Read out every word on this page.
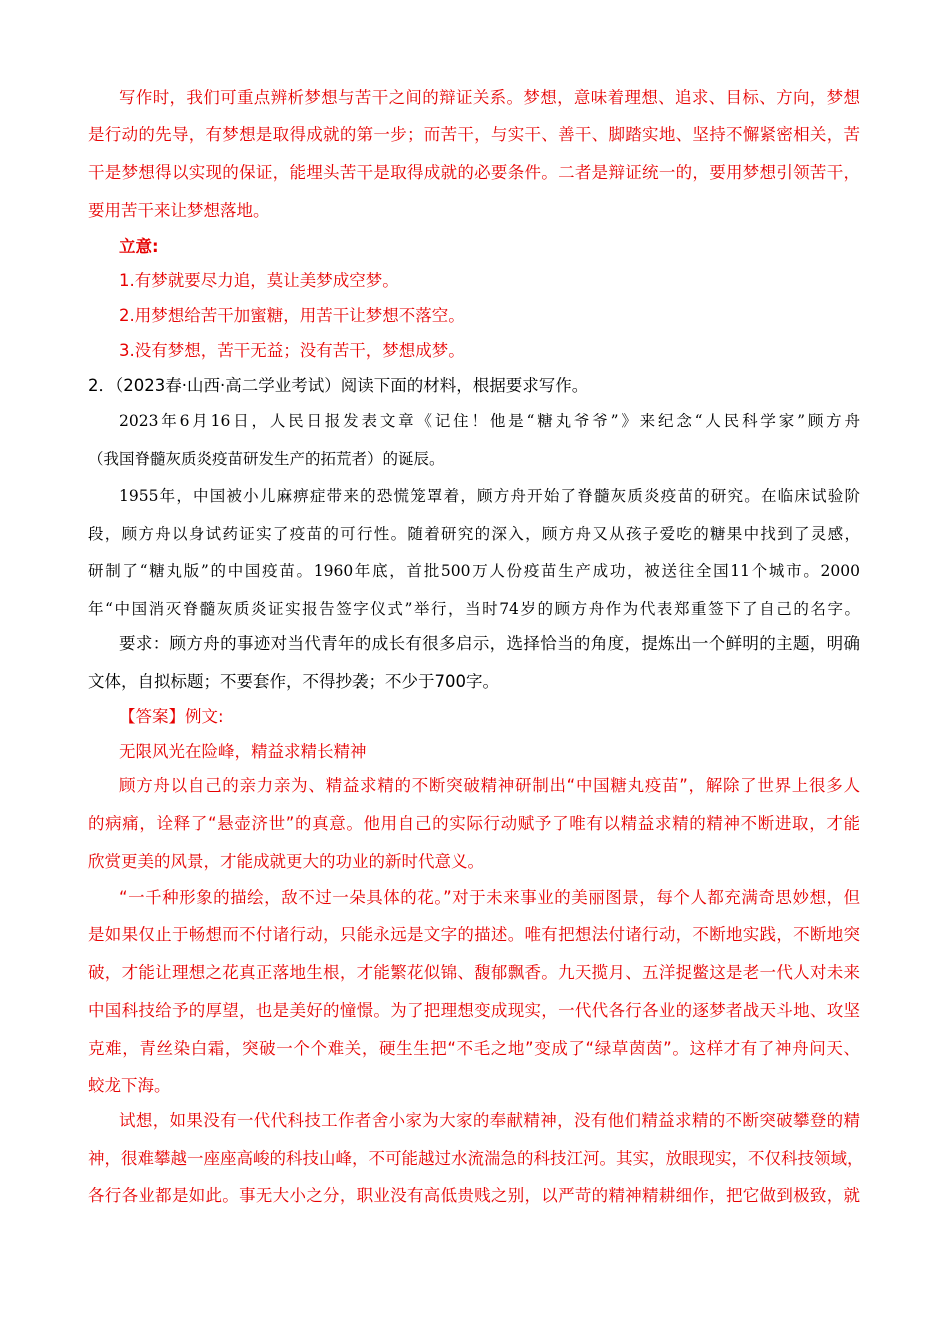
写作时，我们可重点辨析梦想与苦干之间的辩证关系。梦想，意味着理想、追求、目标、方向，梦想
是行动的先导，有梦想是取得成就的第一步；而苦干，与实干、善干、脚踏实地、坚持不懈紧密相关，苦
干是梦想得以实现的保证，能埋头苦干是取得成就的必要条件。二者是辩证统一的，要用梦想引领苦干，
要用苦干来让梦想落地。
立意:
1.有梦就要尽力追，莫让美梦成空梦。
2.用梦想给苦干加蜜糖，用苦干让梦想不落空。
3.没有梦想，苦干无益；没有苦干，梦想成梦。
2．（2023春·山西·高二学业考试）阅读下面的材料，根据要求写作。
2023年6月16日，人民日报发表文章《记住！他是“糖丸爷爷”》来纪念“人民科学家”顾方舟
（我国脊髓灰质炎疫苗研发生产的拓荒者）的诞辰。
1955年，中国被小儿麻痹症带来的恐慌笼罩着，顾方舟开始了脊髓灰质炎疫苗的研究。在临床试验阶
段，顾方舟以身试药证实了疫苗的可行性。随着研究的深入，顾方舟又从孩子爱吃的糖果中找到了灵感，
研制了“糖丸版”的中国疫苗。1960年底，首批500万人份疫苗生产成功，被送往全国11个城市。2000
年“中国消灭脊髓灰质炎证实报告签字仪式”举行，当时74岁的顾方舟作为代表郑重签下了自己的名字。
要求：顾方舟的事迹对当代青年的成长有很多启示，选择恰当的角度，提炼出一个鲜明的主题，明确
文体，自拟标题；不要套作，不得抄袭；不少于700字。
【答案】例文:
无限风光在险峰，精益求精长精神
顾方舟以自己的亲力亲为、精益求精的不断突破精神研制出“中国糖丸疫苗”，解除了世界上很多人
的病痛，诠释了“悬壶济世”的真意。他用自己的实际行动赋予了唯有以精益求精的精神不断进取，才能
欣赏更美的风景，才能成就更大的功业的新时代意义。
“一千种形象的描绘，敌不过一朵具体的花。”对于未来事业的美丽图景，每个人都充满奇思妙想，但
是如果仅止于畅想而不付诸行动，只能永远是文字的描述。唯有把想法付诸行动，不断地实践，不断地突
破，才能让理想之花真正落地生根，才能繁花似锦、馥郁飘香。九天揽月、五洋捉鳖这是老一代人对未来
中国科技给予的厚望，也是美好的憧憬。为了把理想变成现实，一代代各行各业的逐梦者战天斗地、攻坚
克难，青丝染白霜，突破一个个难关，硬生生把“不毛之地”变成了“绿草茵茵”。这样才有了神舟问天、
蛟龙下海。
试想，如果没有一代代科技工作者舍小家为大家的奉献精神，没有他们精益求精的不断突破攀登的精
神，很难攀越一座座高峻的科技山峰，不可能越过水流湍急的科技江河。其实，放眼现实，不仅科技领域，
各行各业都是如此。事无大小之分，职业没有高低贵贱之别，以严苛的精神精耕细作，把它做到极致，就
